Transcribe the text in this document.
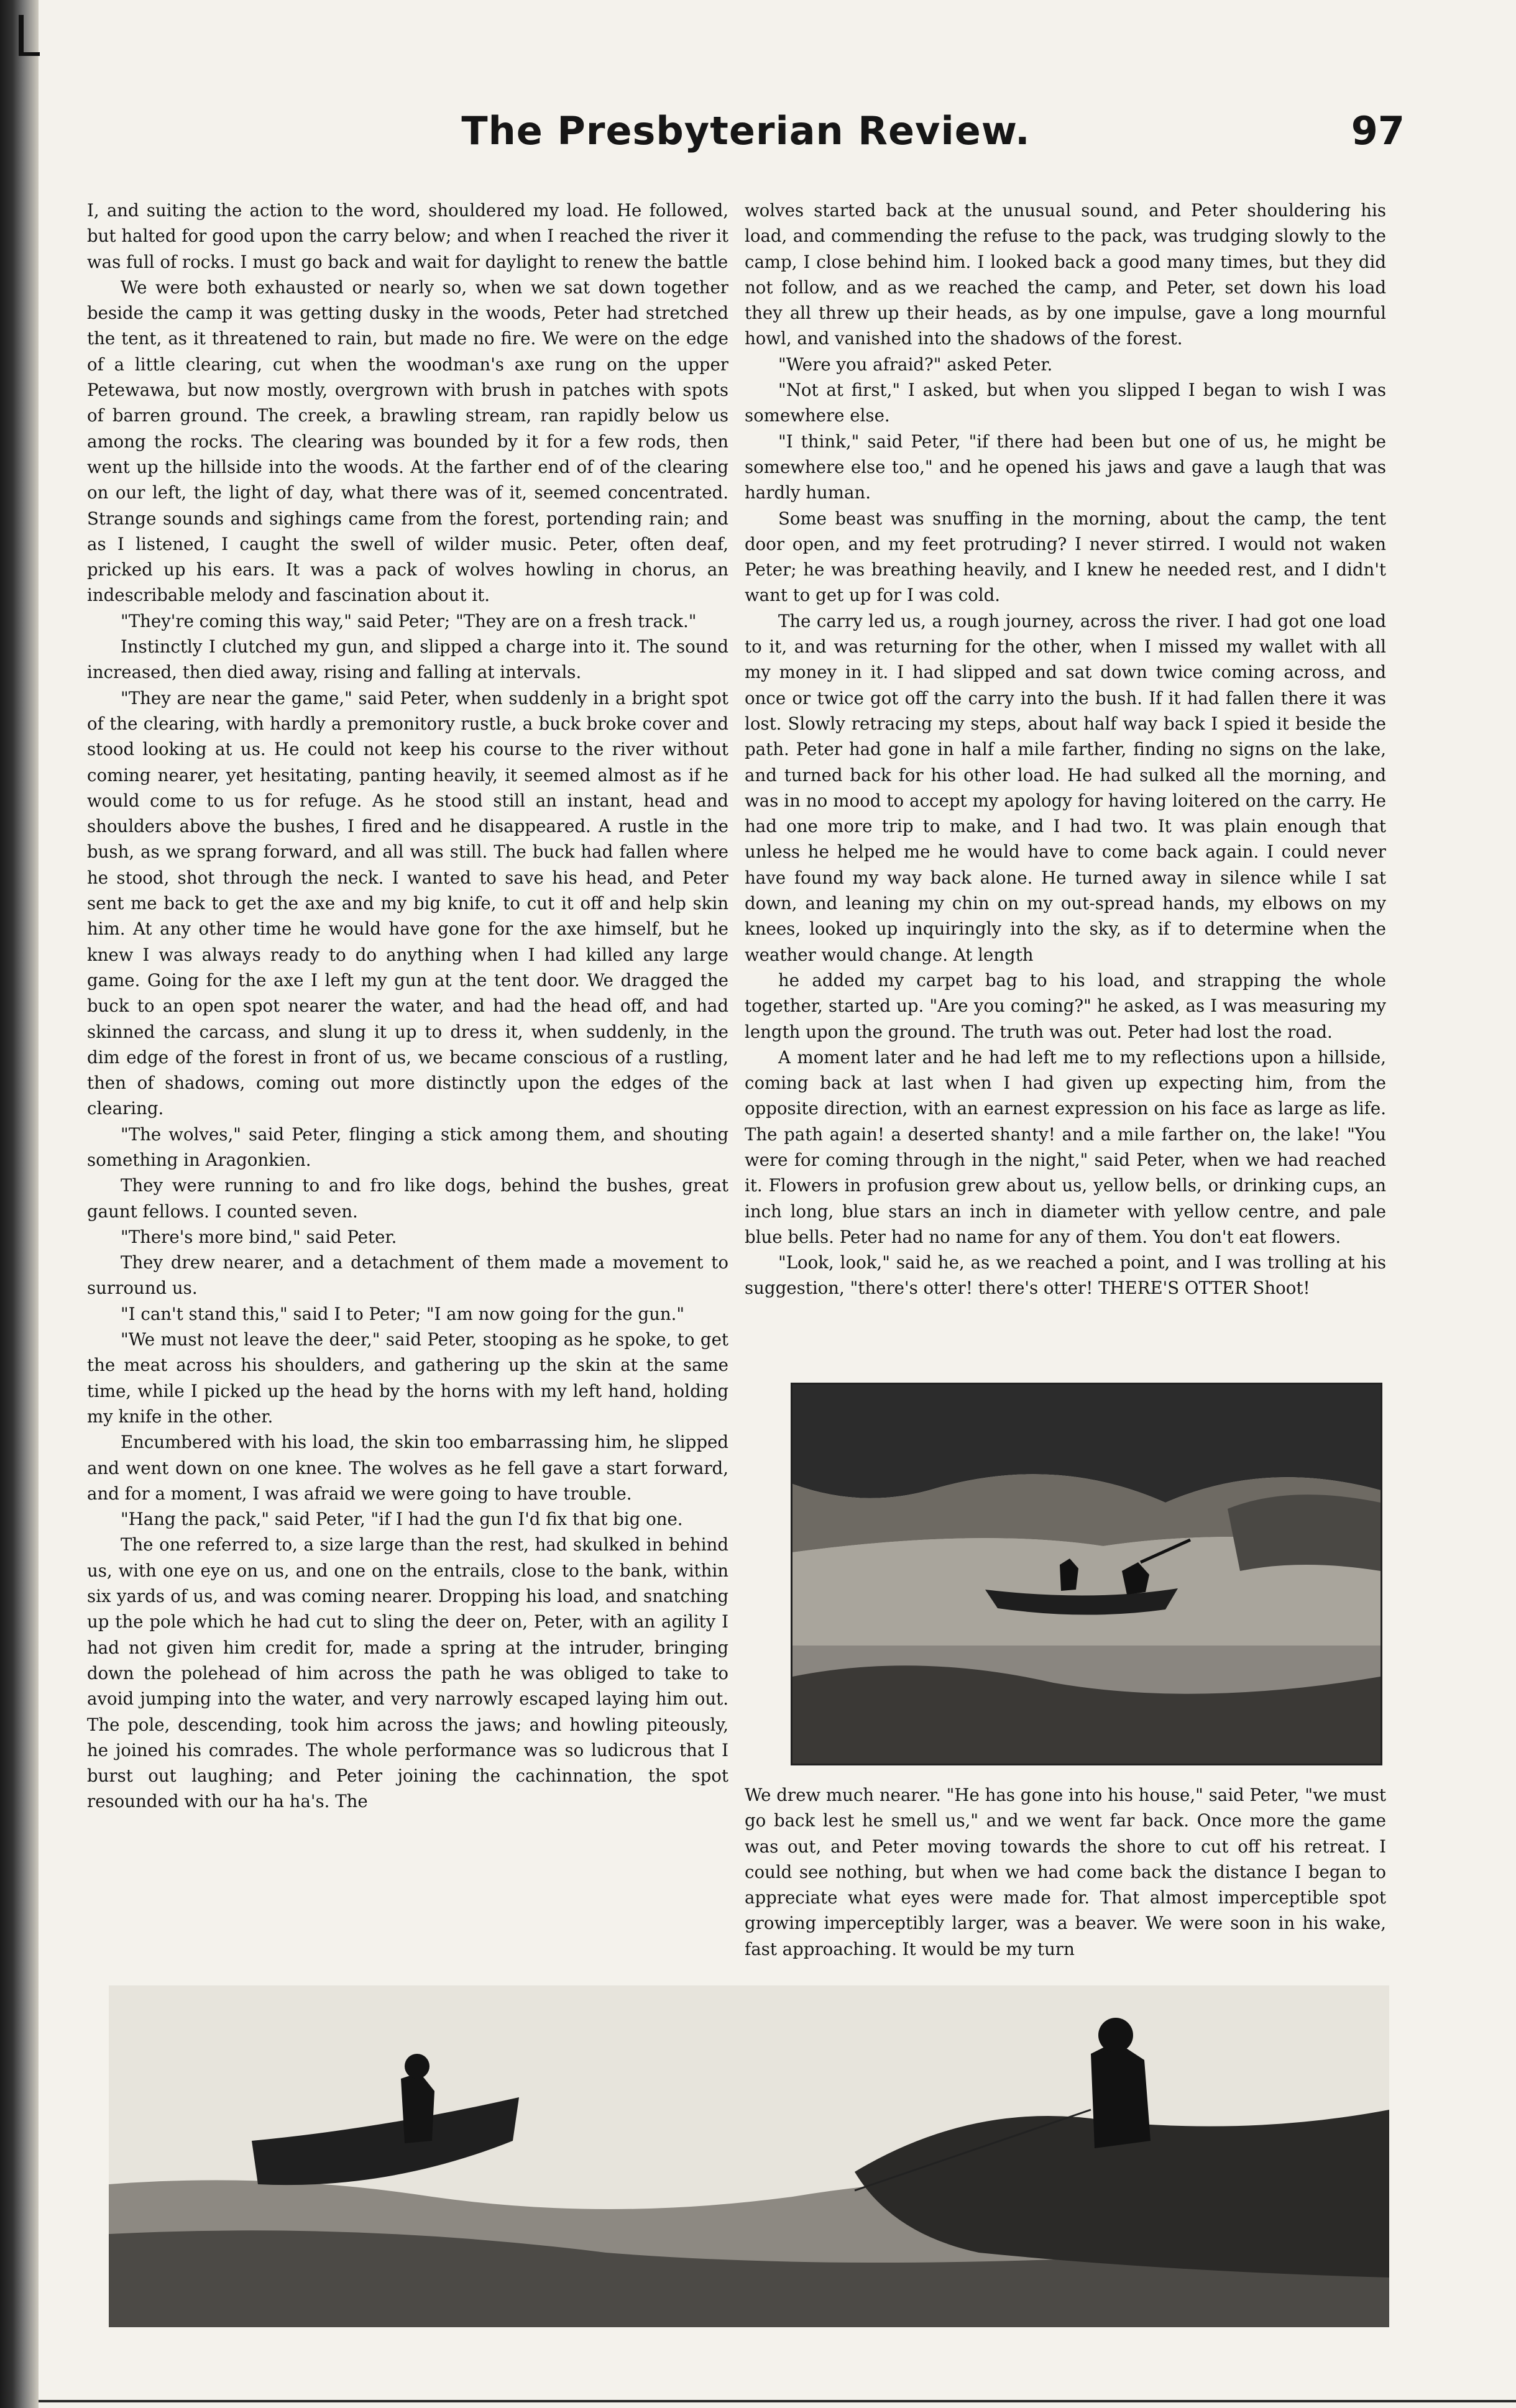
The Presbyterian Review.	97

I, and suiting the action to the word, shouldered my load. He followed, but halted for good upon the carry below; and when I reached the river it was full of rocks. I must go back and wait for daylight to renew the battle

We were both exhausted or nearly so, when we sat down together beside the camp it was getting dusky in the woods, Peter had stretched the tent, as it threatened to rain, but made no fire. We were on the edge of a little clearing, cut when the woodman's axe rung on the upper Petewawa, but now mostly, overgrown with brush in patches with spots of barren ground. The creek, a brawling stream, ran rapidly below us among the rocks. The clearing was bounded by it for a few rods, then went up the hillside into the woods. At the farther end of of the clearing on our left, the light of day, what there was of it, seemed concentrated. Strange sounds and sighings came from the forest, portending rain; and as I listened, I caught the swell of wilder music. Peter, often deaf, pricked up his ears. It was a pack of wolves howling in chorus, an indescribable melody and fascination about it.

"They're coming this way," said Peter; "They are on a fresh track."

Instinctly I clutched my gun, and slipped a charge into it. The sound increased, then died away, rising and falling at intervals.

"They are near the game," said Peter, when suddenly in a bright spot of the clearing, with hardly a premonitory rustle, a buck broke cover and stood looking at us. He could not keep his course to the river without coming nearer, yet hesitating, panting heavily, it seemed almost as if he would come to us for refuge. As he stood still an instant, head and shoulders above the bushes, I fired and he disappeared. A rustle in the bush, as we sprang forward, and all was still. The buck had fallen where he stood, shot through the neck. I wanted to save his head, and Peter sent me back to get the axe and my big knife, to cut it off and help skin him. At any other time he would have gone for the axe himself, but he knew I was always ready to do anything when I had killed any large game. Going for the axe I left my gun at the tent door. We dragged the buck to an open spot nearer the water, and had the head off, and had skinned the carcass, and slung it up to dress it, when suddenly, in the dim edge of the forest in front of us, we became conscious of a rustling, then of shadows, coming out more distinctly upon the edges of the clearing.

"The wolves," said Peter, flinging a stick among them, and shouting something in Aragonkien.

They were running to and fro like dogs, behind the bushes, great gaunt fellows. I counted seven.

"There's more bind," said Peter.

They drew nearer, and a detachment of them made a movement to surround us.

"I can't stand this," said I to Peter; "I am now going for the gun."

"We must not leave the deer," said Peter, stooping as he spoke, to get the meat across his shoulders, and gathering up the skin at the same time, while I picked up the head by the horns with my left hand, holding my knife in the other.

Encumbered with his load, the skin too embarrassing him, he slipped and went down on one knee. The wolves as he fell gave a start forward, and for a moment, I was afraid we were going to have trouble.

"Hang the pack," said Peter, "if I had the gun I'd fix that big one.

The one referred to, a size large than the rest, had skulked in behind us, with one eye on us, and one on the entrails, close to the bank, within six yards of us, and was coming nearer. Dropping his load, and snatching up the pole which he had cut to sling the deer on, Peter, with an agility I had not given him credit for, made a spring at the intruder, bringing down the polehead of him across the path he was obliged to take to avoid jumping into the water, and very narrowly escaped laying him out. The pole, descending, took him across the jaws; and howling piteously, he joined his comrades. The whole performance was so ludicrous that I burst out laughing; and Peter joining the cachinnation, the spot resounded with our ha ha's. The

wolves started back at the unusual sound, and Peter shouldering his load, and commending the refuse to the pack, was trudging slowly to the camp, I close behind him. I looked back a good many times, but they did not follow, and as we reached the camp, and Peter, set down his load they all threw up their heads, as by one impulse, gave a long mournful howl, and vanished into the shadows of the forest.

"Were you afraid?" asked Peter.

"Not at first," I asked, but when you slipped I began to wish I was somewhere else.

"I think," said Peter, "if there had been but one of us, he might be somewhere else too," and he opened his jaws and gave a laugh that was hardly human.

Some beast was snuffing in the morning, about the camp, the tent door open, and my feet protruding? I never stirred. I would not waken Peter; he was breathing heavily, and I knew he needed rest, and I didn't want to get up for I was cold.

The carry led us, a rough journey, across the river. I had got one load to it, and was returning for the other, when I missed my wallet with all my money in it. I had slipped and sat down twice coming across, and once or twice got off the carry into the bush. If it had fallen there it was lost. Slowly retracing my steps, about half way back I spied it beside the path. Peter had gone in half a mile farther, finding no signs on the lake, and turned back for his other load. He had sulked all the morning, and was in no mood to accept my apology for having loitered on the carry. He had one more trip to make, and I had two. It was plain enough that unless he helped me he would have to come back again. I could never have found my way back alone. He turned away in silence while I sat down, and leaning my chin on my out-spread hands, my elbows on my knees, looked up inquiringly into the sky, as if to determine when the weather would change. At length

he added my carpet bag to his load, and strapping the whole together, started up. "Are you coming?" he asked, as I was measuring my length upon the ground. The truth was out. Peter had lost the road.

A moment later and he had left me to my reflections upon a hillside, coming back at last when I had given up expecting him, from the opposite direction, with an earnest expression on his face as large as life. The path again! a deserted shanty! and a mile farther on, the lake! "You were for coming through in the night," said Peter, when we had reached it. Flowers in profusion grew about us, yellow bells, or drinking cups, an inch long, blue stars an inch in diameter with yellow centre, and pale blue bells. Peter had no name for any of them. You don't eat flowers.

"Look, look," said he, as we reached a point, and I was trolling at his suggestion, "there's otter! there's otter! THERE'S OTTER Shoot!

We drew much nearer. "He has gone into his house," said Peter, "we must go back lest he smell us," and we went far back. Once more the game was out, and Peter moving towards the shore to cut off his retreat. I could see nothing, but when we had come back the distance I began to appreciate what eyes were made for. That almost imperceptible spot growing imperceptibly larger, was a beaver. We were soon in his wake, fast approaching. It would be my turn
